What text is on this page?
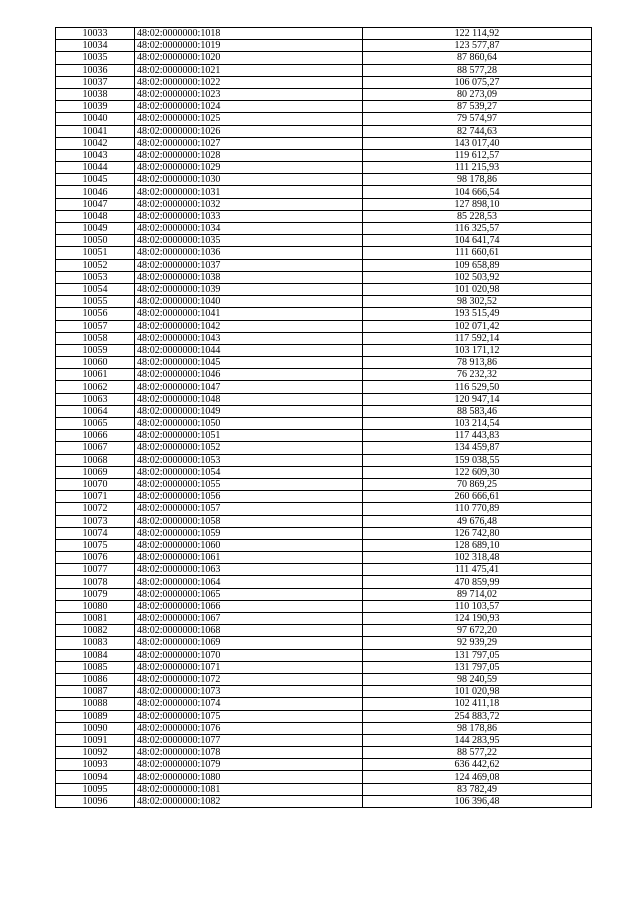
10033	48:02:0000000:1018	122 114,92
10034	48:02:0000000:1019	123 577,87
10035	48:02:0000000:1020	87 860,64
10036	48:02:0000000:1021	88 577,28
10037	48:02:0000000:1022	106 075,27
10038	48:02:0000000:1023	80 273,09
10039	48:02:0000000:1024	87 539,27
10040	48:02:0000000:1025	79 574,97
10041	48:02:0000000:1026	82 744,63
10042	48:02:0000000:1027	143 017,40
10043	48:02:0000000:1028	119 612,57
10044	48:02:0000000:1029	111 215,93
10045	48:02:0000000:1030	98 178,86
10046	48:02:0000000:1031	104 666,54
10047	48:02:0000000:1032	127 898,10
10048	48:02:0000000:1033	85 228,53
10049	48:02:0000000:1034	116 325,57
10050	48:02:0000000:1035	104 641,74
10051	48:02:0000000:1036	111 660,61
10052	48:02:0000000:1037	109 658,89
10053	48:02:0000000:1038	102 503,92
10054	48:02:0000000:1039	101 020,98
10055	48:02:0000000:1040	98 302,52
10056	48:02:0000000:1041	193 515,49
10057	48:02:0000000:1042	102 071,42
10058	48:02:0000000:1043	117 592,14
10059	48:02:0000000:1044	103 171,12
10060	48:02:0000000:1045	78 913,86
10061	48:02:0000000:1046	76 232,32
10062	48:02:0000000:1047	116 529,50
10063	48:02:0000000:1048	120 947,14
10064	48:02:0000000:1049	88 583,46
10065	48:02:0000000:1050	103 214,54
10066	48:02:0000000:1051	117 443,83
10067	48:02:0000000:1052	134 459,87
10068	48:02:0000000:1053	159 038,55
10069	48:02:0000000:1054	122 609,30
10070	48:02:0000000:1055	70 869,25
10071	48:02:0000000:1056	260 666,61
10072	48:02:0000000:1057	110 770,89
10073	48:02:0000000:1058	49 676,48
10074	48:02:0000000:1059	126 742,80
10075	48:02:0000000:1060	128 689,10
10076	48:02:0000000:1061	102 318,48
10077	48:02:0000000:1063	111 475,41
10078	48:02:0000000:1064	470 859,99
10079	48:02:0000000:1065	89 714,02
10080	48:02:0000000:1066	110 103,57
10081	48:02:0000000:1067	124 190,93
10082	48:02:0000000:1068	97 672,20
10083	48:02:0000000:1069	92 939,29
10084	48:02:0000000:1070	131 797,05
10085	48:02:0000000:1071	131 797,05
10086	48:02:0000000:1072	98 240,59
10087	48:02:0000000:1073	101 020,98
10088	48:02:0000000:1074	102 411,18
10089	48:02:0000000:1075	254 883,72
10090	48:02:0000000:1076	98 178,86
10091	48:02:0000000:1077	144 283,95
10092	48:02:0000000:1078	88 577,22
10093	48:02:0000000:1079	636 442,62
10094	48:02:0000000:1080	124 469,08
10095	48:02:0000000:1081	83 782,49
10096	48:02:0000000:1082	106 396,48
